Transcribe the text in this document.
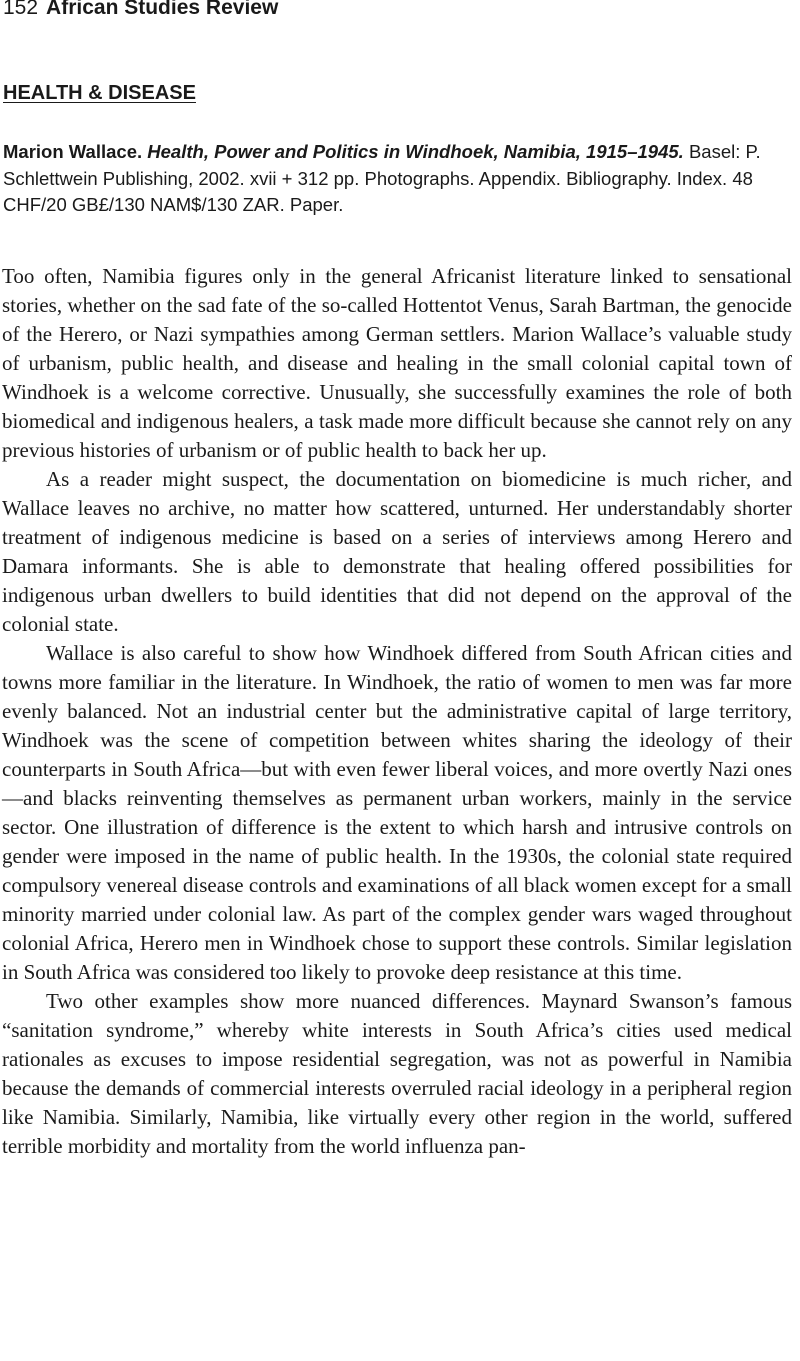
152 African Studies Review
HEALTH & DISEASE
Marion Wallace. Health, Power and Politics in Windhoek, Namibia, 1915–1945. Basel: P. Schlettwein Publishing, 2002. xvii + 312 pp. Photographs. Appendix. Bibliography. Index. 48 CHF/20 GB£/130 NAM$/130 ZAR. Paper.

Too often, Namibia figures only in the general Africanist literature linked to sensational stories, whether on the sad fate of the so-called Hottentot Venus, Sarah Bartman, the genocide of the Herero, or Nazi sympathies among German settlers. Marion Wallace’s valuable study of urbanism, public health, and disease and healing in the small colonial capital town of Windhoek is a welcome corrective. Unusually, she successfully examines the role of both biomedical and indigenous healers, a task made more difficult because she cannot rely on any previous histories of urbanism or of public health to back her up.

As a reader might suspect, the documentation on biomedicine is much richer, and Wallace leaves no archive, no matter how scattered, unturned. Her understandably shorter treatment of indigenous medicine is based on a series of interviews among Herero and Damara informants. She is able to demonstrate that healing offered possibilities for indigenous urban dwellers to build identities that did not depend on the approval of the colonial state.

Wallace is also careful to show how Windhoek differed from South African cities and towns more familiar in the literature. In Windhoek, the ratio of women to men was far more evenly balanced. Not an industrial center but the administrative capital of large territory, Windhoek was the scene of competition between whites sharing the ideology of their counterparts in South Africa—but with even fewer liberal voices, and more overtly Nazi ones—and blacks reinventing themselves as permanent urban workers, mainly in the service sector. One illustration of difference is the extent to which harsh and intrusive controls on gender were imposed in the name of public health. In the 1930s, the colonial state required compulsory venereal disease controls and examinations of all black women except for a small minority married under colonial law. As part of the complex gender wars waged throughout colonial Africa, Herero men in Windhoek chose to support these controls. Similar legislation in South Africa was considered too likely to provoke deep resistance at this time.

Two other examples show more nuanced differences. Maynard Swanson’s famous “sanitation syndrome,” whereby white interests in South Africa’s cities used medical rationales as excuses to impose residential segregation, was not as powerful in Namibia because the demands of commercial interests overruled racial ideology in a peripheral region like Namibia. Similarly, Namibia, like virtually every other region in the world, suffered terrible morbidity and mortality from the world influenza pan-
